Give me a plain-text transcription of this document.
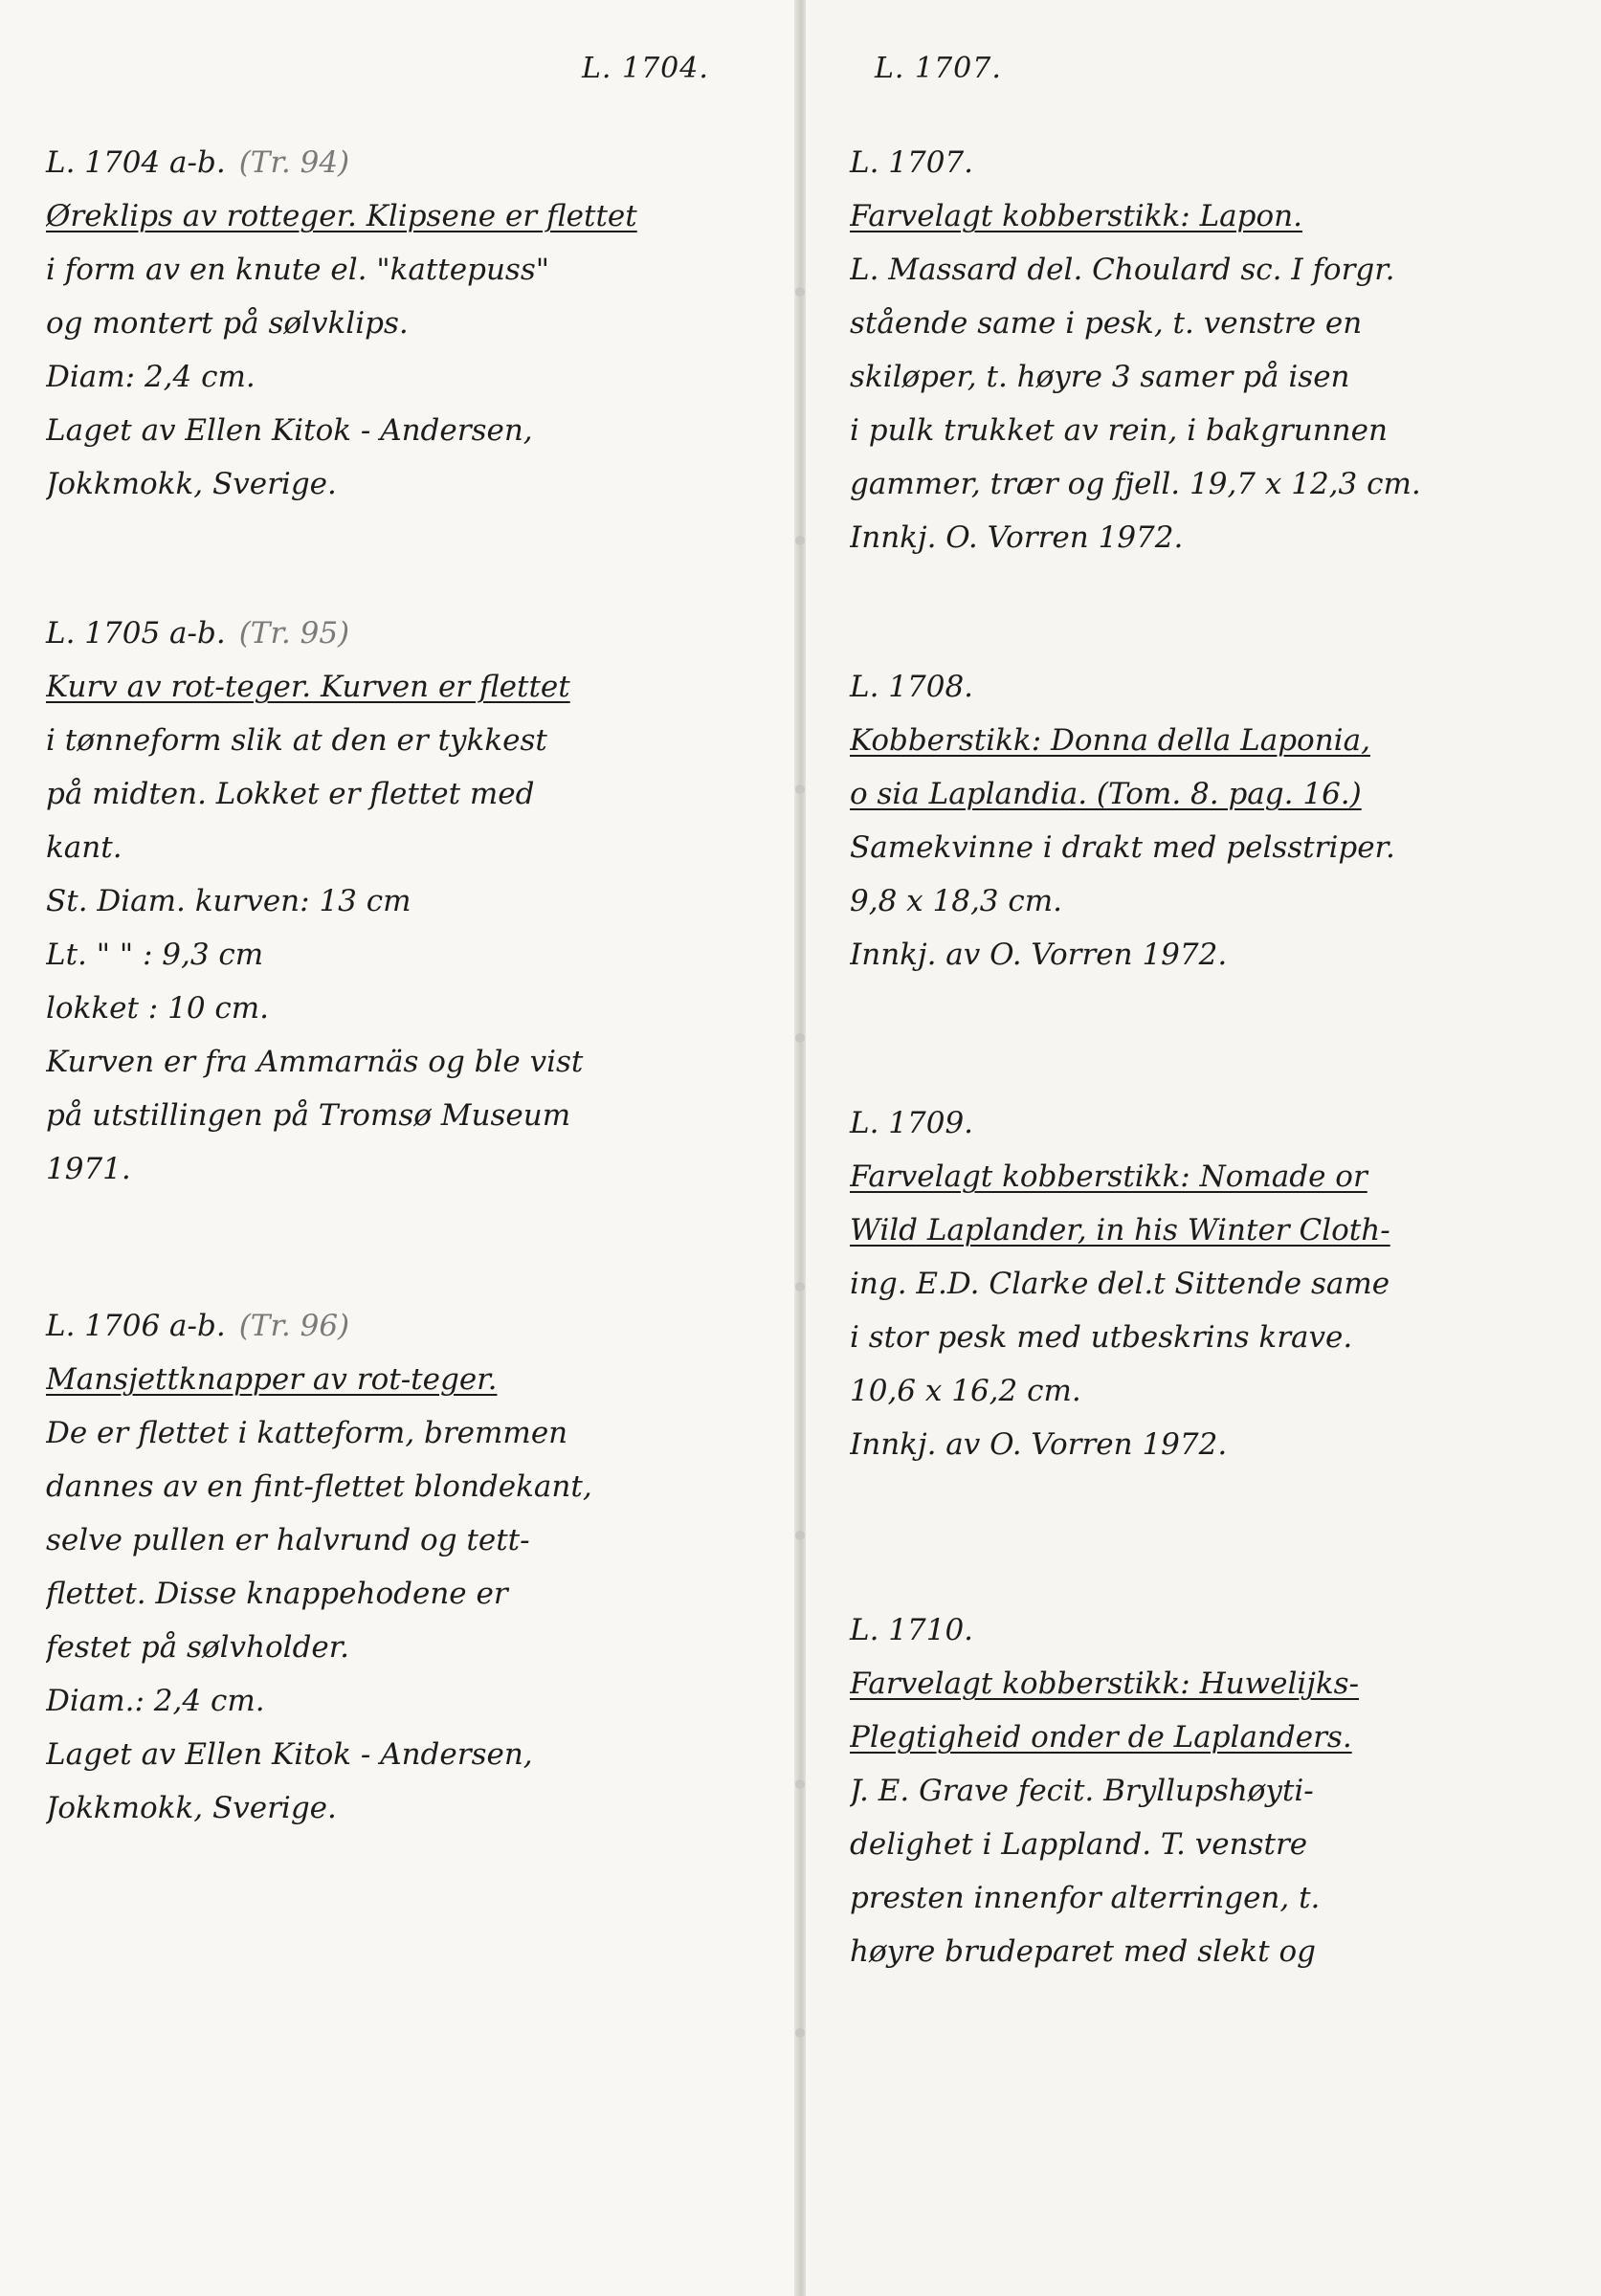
L. 1704.
L. 1704 a-b. (Tr. 94)
Øreklips av rotteger. Klipsene er flettet
i form av en knute el. "kattepuss"
og montert på sølvklips.
Diam: 2,4 cm.
Laget av Ellen Kitok - Andersen,
Jokkmokk, Sverige.
L. 1705 a-b. (Tr. 95)
Kurv av rot-teger. Kurven er flettet
i tønneform slik at den er tykkest
på midten. Lokket er flettet med
kant.
St. Diam. kurven: 13 cm
Lt. " " : 9,3 cm
lokket : 10 cm.
Kurven er fra Ammarnäs og ble vist
på utstillingen på Tromsø Museum
1971.
L. 1706 a-b. (Tr. 96)
Mansjettknapper av rot-teger.
De er flettet i katteform, bremmen
dannes av en fint-flettet blondekant,
selve pullen er halvrund og tett-
flettet. Disse knappehodene er
festet på sølvholder.
Diam.: 2,4 cm.
Laget av Ellen Kitok - Andersen,
Jokkmokk, Sverige.
L. 1707.
L. 1707.
Farvelagt kobberstikk: Lapon.
L. Massard del. Choulard sc. I forgr.
stående same i pesk, t. venstre en
skiløper, t. høyre 3 samer på isen
i pulk trukket av rein, i bakgrunnen
gammer, trær og fjell. 19,7 x 12,3 cm.
Innkj. O. Vorren 1972.
L. 1708.
Kobberstikk: Donna della Laponia,
o sia Laplandia. (Tom. 8. pag. 16.)
Samekvinne i drakt med pelsstriper.
9,8 x 18,3 cm.
Innkj. av O. Vorren 1972.
L. 1709.
Farvelagt kobberstikk: Nomade or
Wild Laplander, in his Winter Cloth-
ing. E.D. Clarke del.t Sittende same
i stor pesk med utbeskrins krave.
10,6 x 16,2 cm.
Innkj. av O. Vorren 1972.
L. 1710.
Farvelagt kobberstikk: Huwelijks-
Plegtigheid onder de Laplanders.
J. E. Grave fecit. Bryllupshøyti-
delighet i Lappland. T. venstre
presten innenfor alterringen, t.
høyre brudeparet med slekt og
